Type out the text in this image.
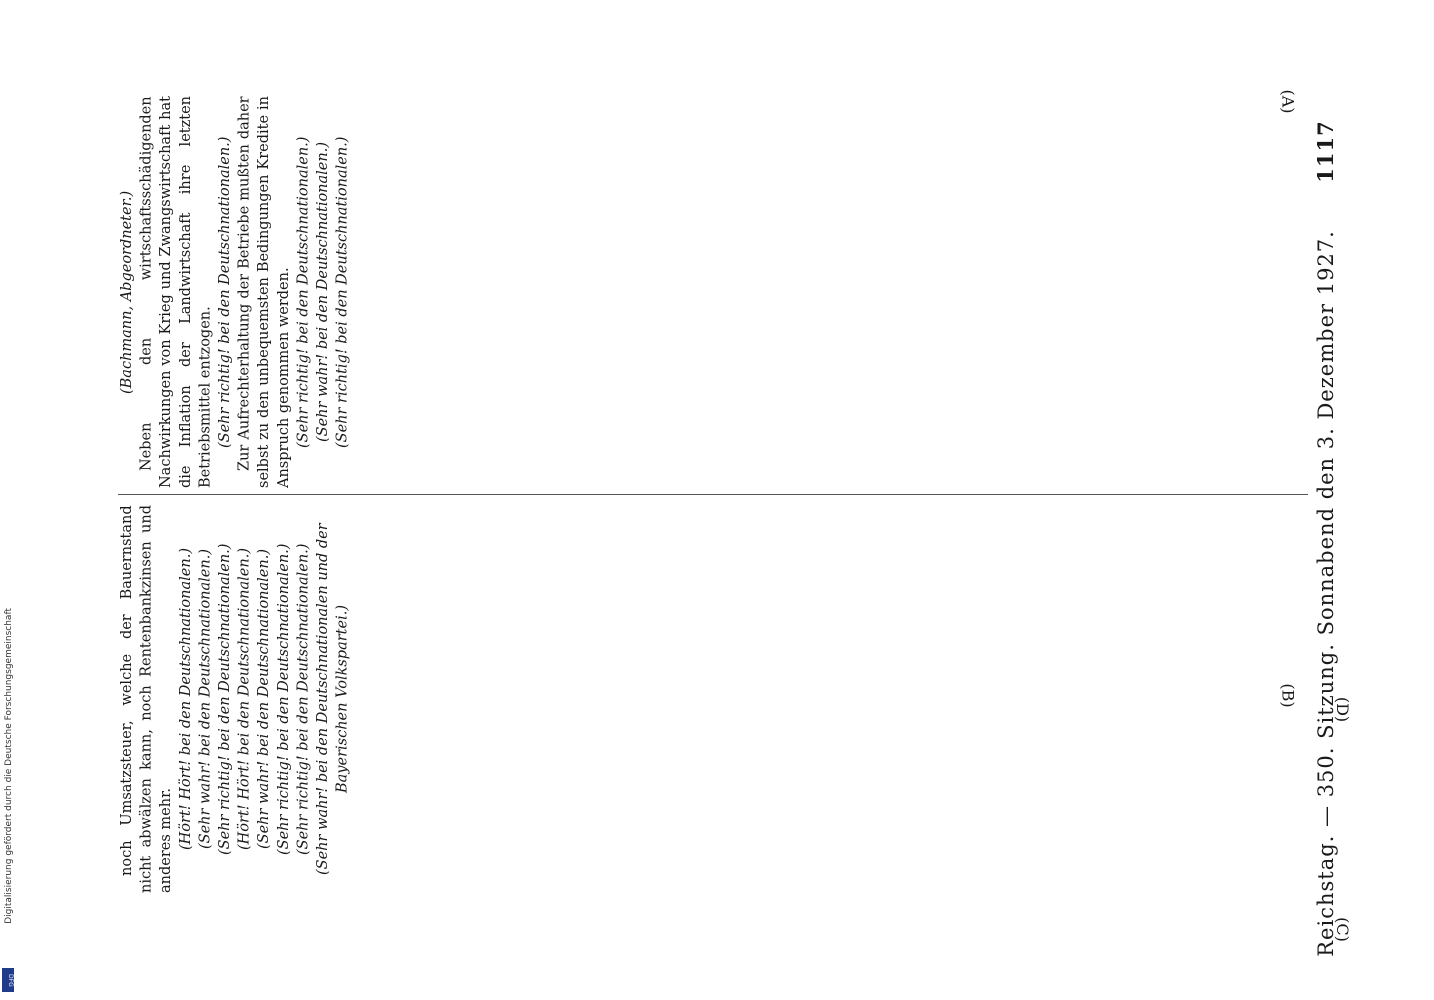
Reichstag. — 350. Sitzung. Sonnabend den 3. Dezember 1927. 1117
(A)
(B)
(C)
(D)

(Bachmann, Abgeordneter.) Neben den wirtschaftsschädigenden Nachwirkungen von Krieg und Zwangswirtschaft hat die Inflation der Landwirtschaft ihre letzten Betriebsmittel entzogen. (Sehr richtig! bei den Deutschnationalen.) Zur Aufrechterhaltung der Betriebe mußten daher selbst zu den unbequemsten Bedingungen Kredite in Anspruch genommen werden. (Sehr richtig! bei den Deutschnationalen.) (Sehr wahr! bei den Deutschnationalen.) (Sehr richtig! bei den Deutschnationalen.)

noch Umsatzsteuer, welche der Bauernstand nicht abwälzen kann, noch Rentenbankzinsen und anderes mehr. (Hört! Hört! bei den Deutschnationalen.) (Sehr wahr! bei den Deutschnationalen.) (Sehr richtig! bei den Deutschnationalen.) (Hört! Hört! bei den Deutschnationalen.) (Sehr wahr! bei den Deutschnationalen.) (Sehr richtig! bei den Deutschnationalen.) (Sehr richtig! bei den Deutschnationalen.) (Sehr wahr! bei den Deutschnationalen und der Bayerischen Volkspartei.)

Digitalisierung gefördert durch die Deutsche Forschungsgemeinschaft
DFG
